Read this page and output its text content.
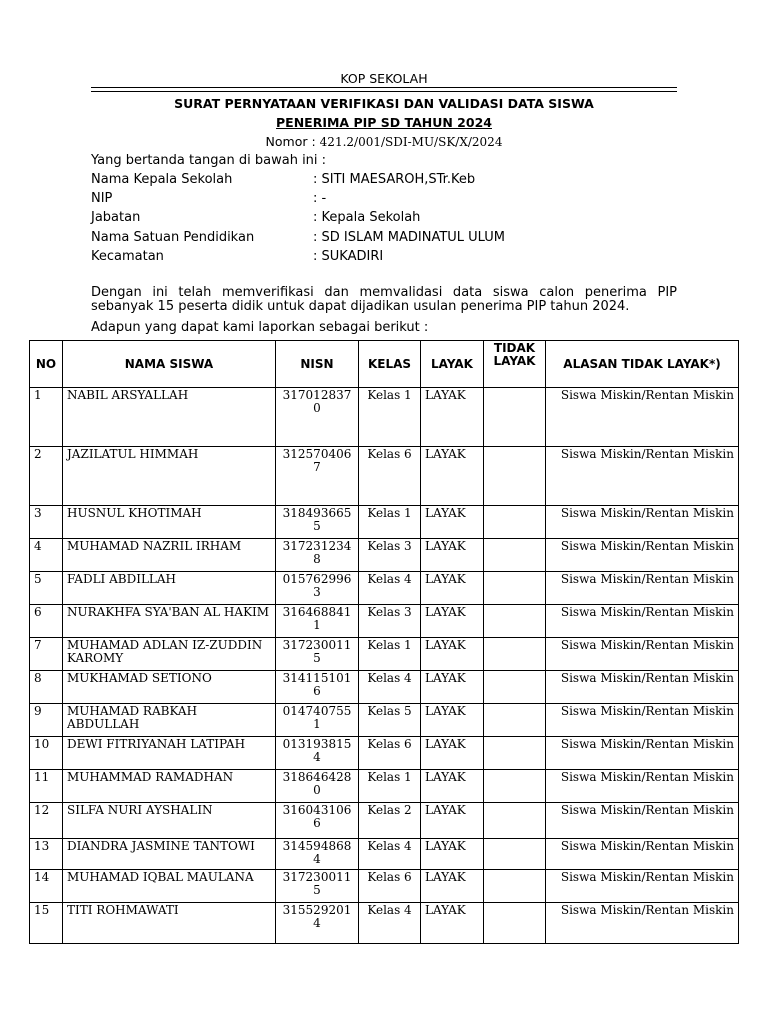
KOP SEKOLAH
SURAT PERNYATAAN VERIFIKASI DAN VALIDASI DATA SISWA
PENERIMA PIP SD TAHUN 2024
Nomor : 421.2/001/SDI-MU/SK/X/2024
Yang bertanda tangan di bawah ini :
Nama Kepala Sekolah	: SITI MAESAROH,STr.Keb
NIP	: -
Jabatan	: Kepala Sekolah
Nama Satuan Pendidikan	: SD ISLAM MADINATUL ULUM
Kecamatan	: SUKADIRI
Dengan ini telah memverifikasi dan memvalidasi data siswa calon penerima PIP sebanyak 15 peserta didik untuk dapat dijadikan usulan penerima PIP tahun 2024.
Adapun yang dapat kami laporkan sebagai berikut :
NO	NAMA SISWA	NISN	KELAS	LAYAK	TIDAK LAYAK	ALASAN TIDAK LAYAK*)
1	NABIL ARSYALLAH	3170128370	Kelas 1	LAYAK		Siswa Miskin/Rentan Miskin
2	JAZILATUL HIMMAH	3125704067	Kelas 6	LAYAK		Siswa Miskin/Rentan Miskin
3	HUSNUL KHOTIMAH	3184936655	Kelas 1	LAYAK		Siswa Miskin/Rentan Miskin
4	MUHAMAD NAZRIL IRHAM	3172312348	Kelas 3	LAYAK		Siswa Miskin/Rentan Miskin
5	FADLI ABDILLAH	0157629963	Kelas 4	LAYAK		Siswa Miskin/Rentan Miskin
6	NURAKHFA SYA'BAN AL HAKIM	3164688411	Kelas 3	LAYAK		Siswa Miskin/Rentan Miskin
7	MUHAMAD ADLAN IZ-ZUDDIN KAROMY	3172300115	Kelas 1	LAYAK		Siswa Miskin/Rentan Miskin
8	MUKHAMAD SETIONO	3141151016	Kelas 4	LAYAK		Siswa Miskin/Rentan Miskin
9	MUHAMAD RABKAH ABDULLAH	0147407551	Kelas 5	LAYAK		Siswa Miskin/Rentan Miskin
10	DEWI FITRIYANAH LATIPAH	0131938154	Kelas 6	LAYAK		Siswa Miskin/Rentan Miskin
11	MUHAMMAD RAMADHAN	3186464280	Kelas 1	LAYAK		Siswa Miskin/Rentan Miskin
12	SILFA NURI AYSHALIN	3160431066	Kelas 2	LAYAK		Siswa Miskin/Rentan Miskin
13	DIANDRA JASMINE TANTOWI	3145948684	Kelas 4	LAYAK		Siswa Miskin/Rentan Miskin
14	MUHAMAD IQBAL MAULANA	3172300115	Kelas 6	LAYAK		Siswa Miskin/Rentan Miskin
15	TITI ROHMAWATI	3155292014	Kelas 4	LAYAK		Siswa Miskin/Rentan Miskin
